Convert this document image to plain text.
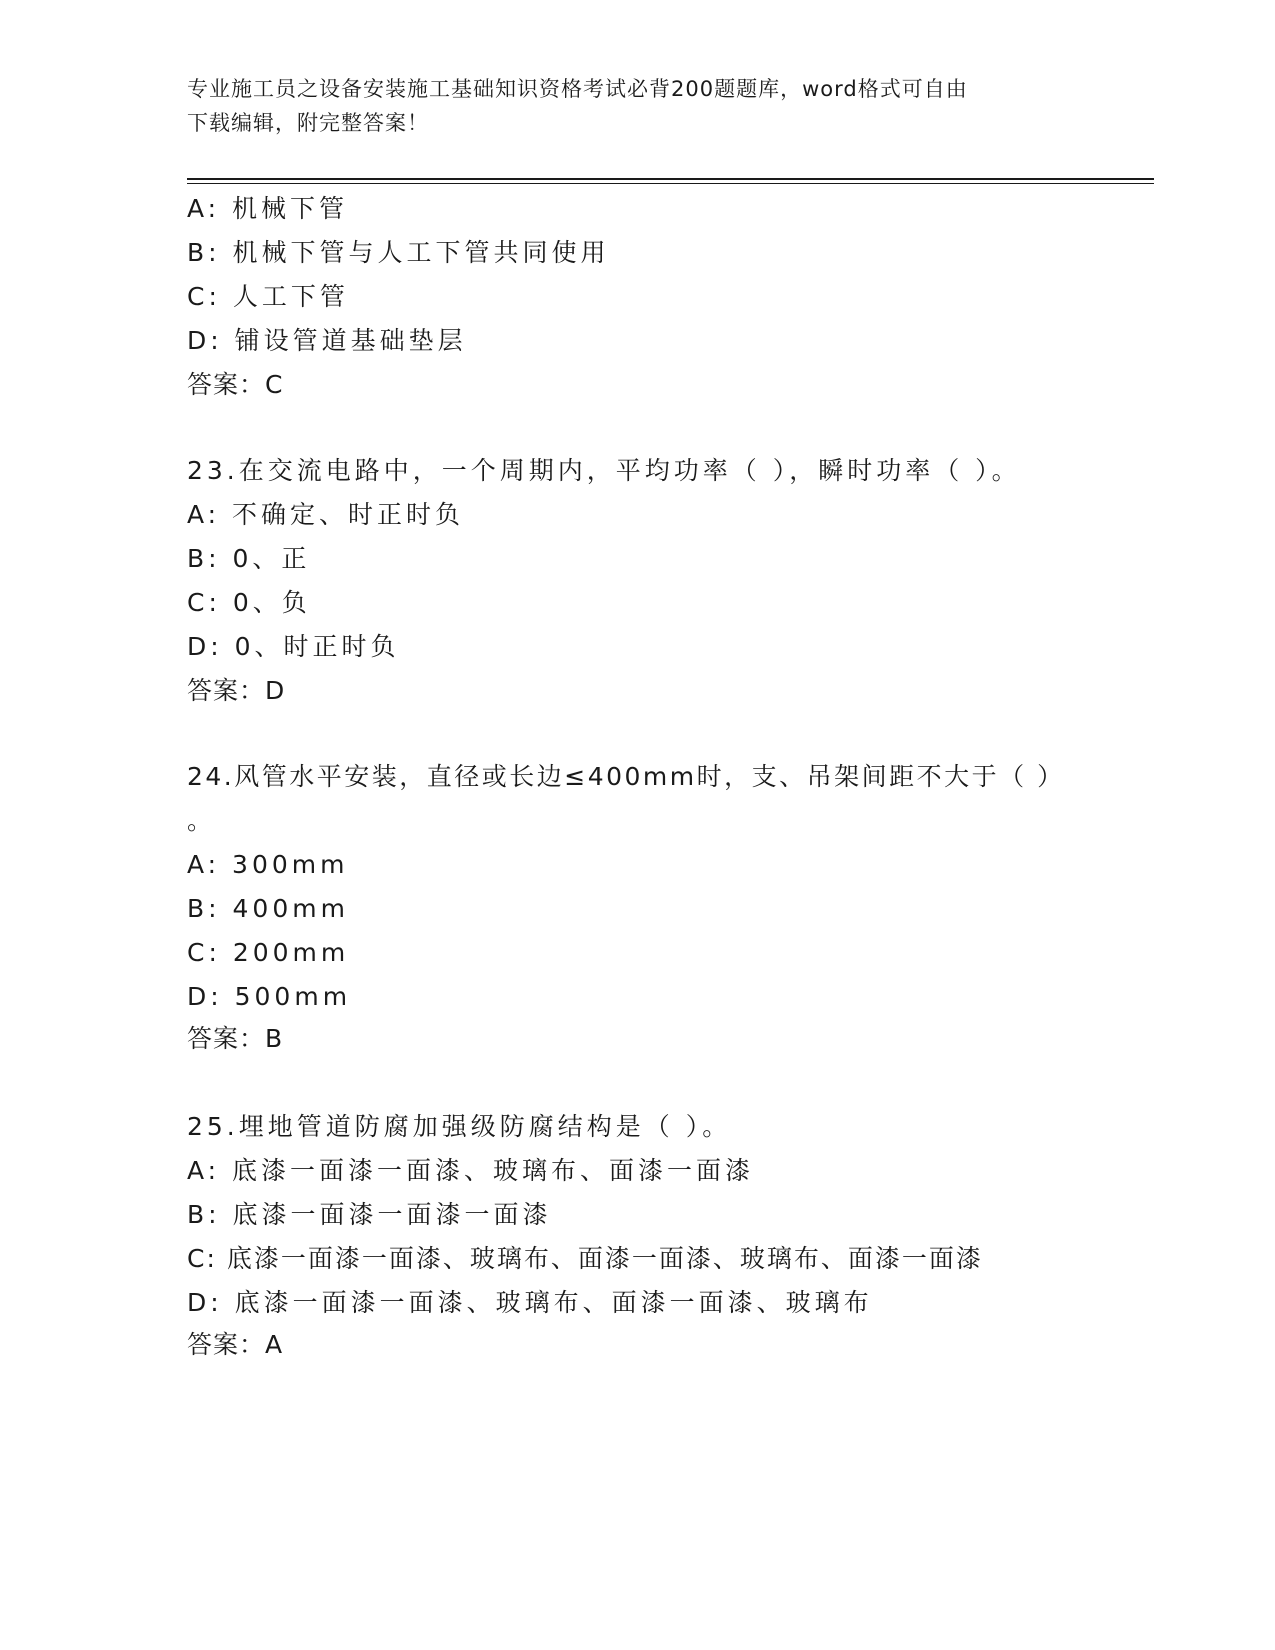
专业施工员之设备安装施工基础知识资格考试必背200题题库，word格式可自由
下载编辑，附完整答案！
A: 机械下管
B: 机械下管与人工下管共同使用
C: 人工下管
D: 铺设管道基础垫层
答案：C
23.在交流电路中，一个周期内，平均功率（ ），瞬时功率（ ）。
A: 不确定、时正时负
B: 0、正
C: 0、负
D: 0、时正时负
答案：D
24.风管水平安装，直径或长边≤400mm时，支、吊架间距不大于（ ）
。
A: 300mm
B: 400mm
C: 200mm
D: 500mm
答案：B
25.埋地管道防腐加强级防腐结构是（ ）。
A: 底漆一面漆一面漆、玻璃布、面漆一面漆
B: 底漆一面漆一面漆一面漆
C: 底漆一面漆一面漆、玻璃布、面漆一面漆、玻璃布、面漆一面漆
D: 底漆一面漆一面漆、玻璃布、面漆一面漆、玻璃布
答案：A
